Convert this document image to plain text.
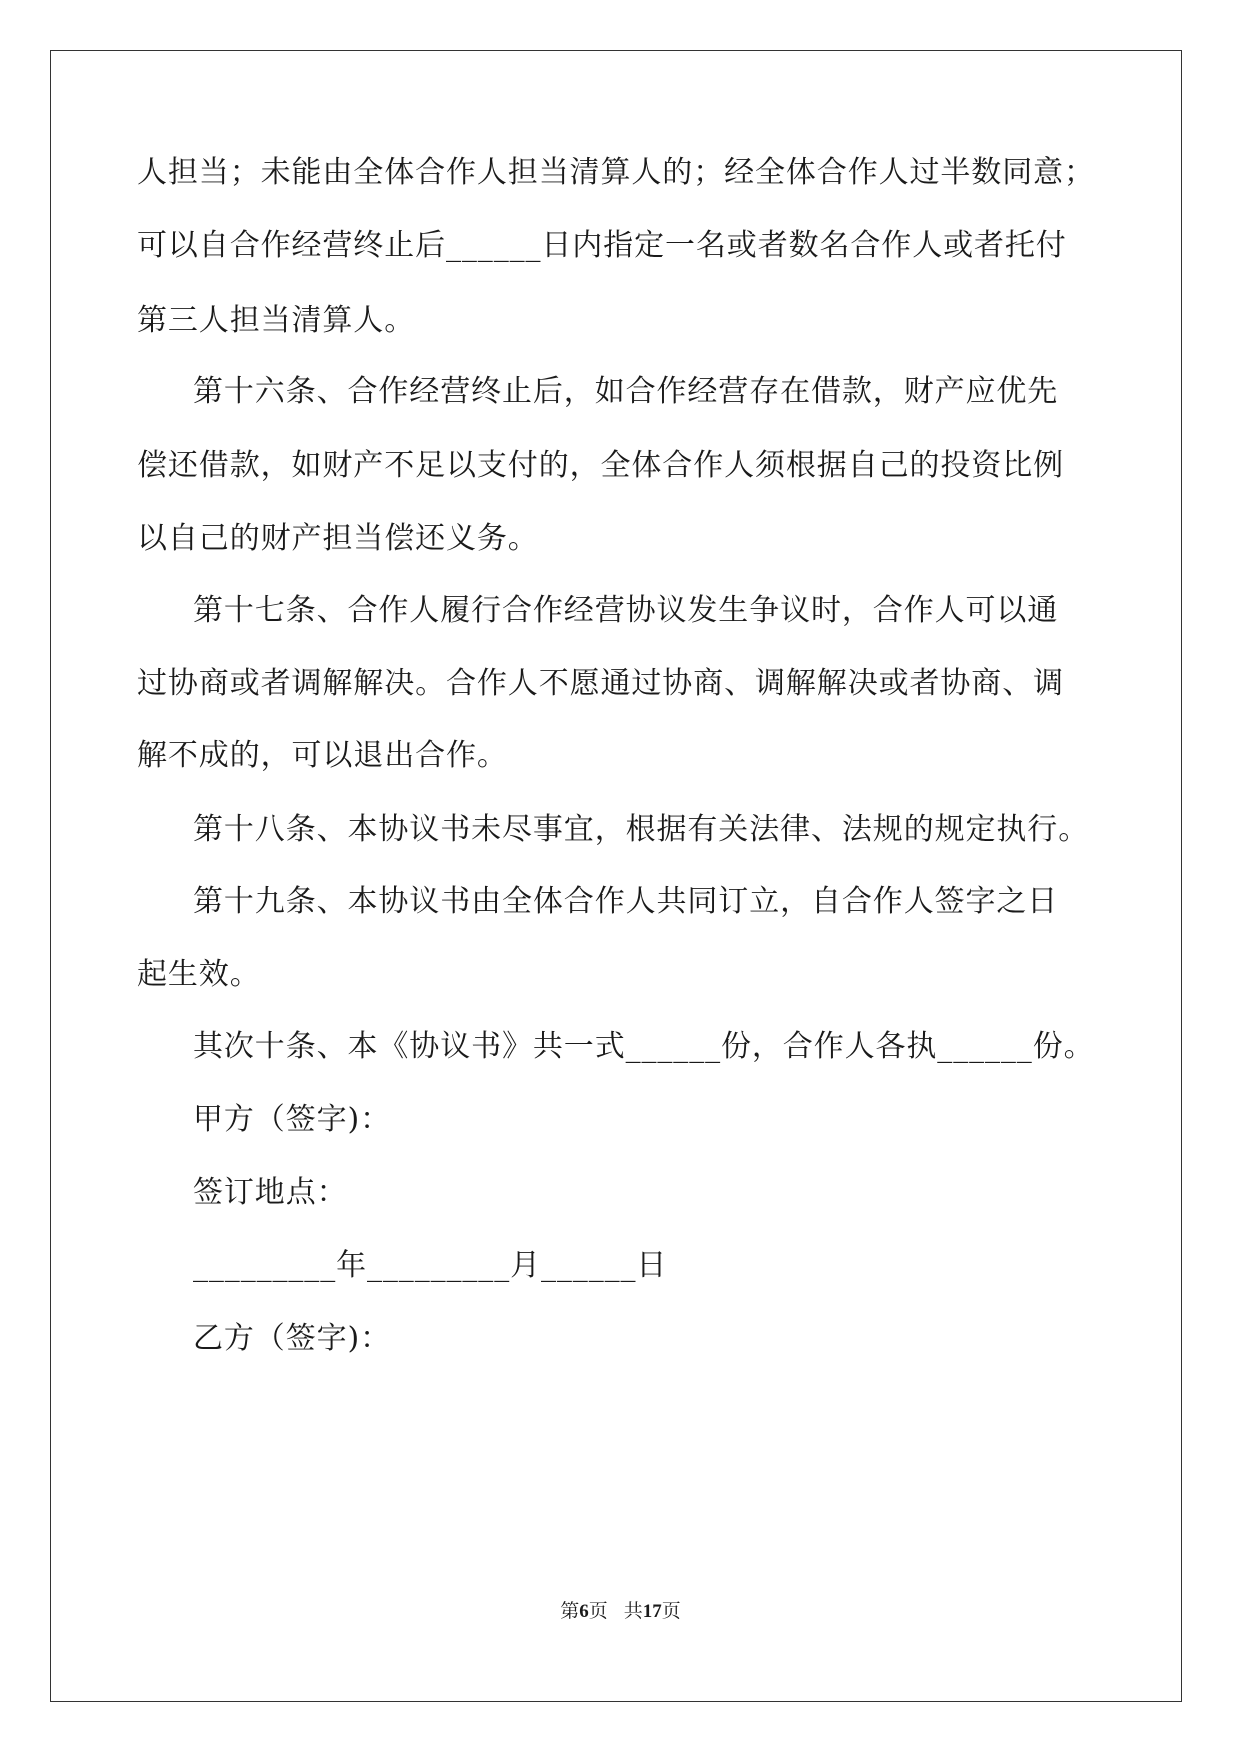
人担当；未能由全体合作人担当清算人的；经全体合作人过半数同意；
可以自合作经营终止后______日内指定一名或者数名合作人或者托付
第三人担当清算人。
第十六条、合作经营终止后，如合作经营存在借款，财产应优先
偿还借款，如财产不足以支付的，全体合作人须根据自己的投资比例
以自己的财产担当偿还义务。
第十七条、合作人履行合作经营协议发生争议时，合作人可以通
过协商或者调解解决。合作人不愿通过协商、调解解决或者协商、调
解不成的，可以退出合作。
第十八条、本协议书未尽事宜，根据有关法律、法规的规定执行。
第十九条、本协议书由全体合作人共同订立，自合作人签字之日
起生效。
其次十条、本《协议书》共一式______份，合作人各执______份。
甲方（签字)：
签订地点：
_________年_________月______日
乙方（签字)：
第6页 共17页
